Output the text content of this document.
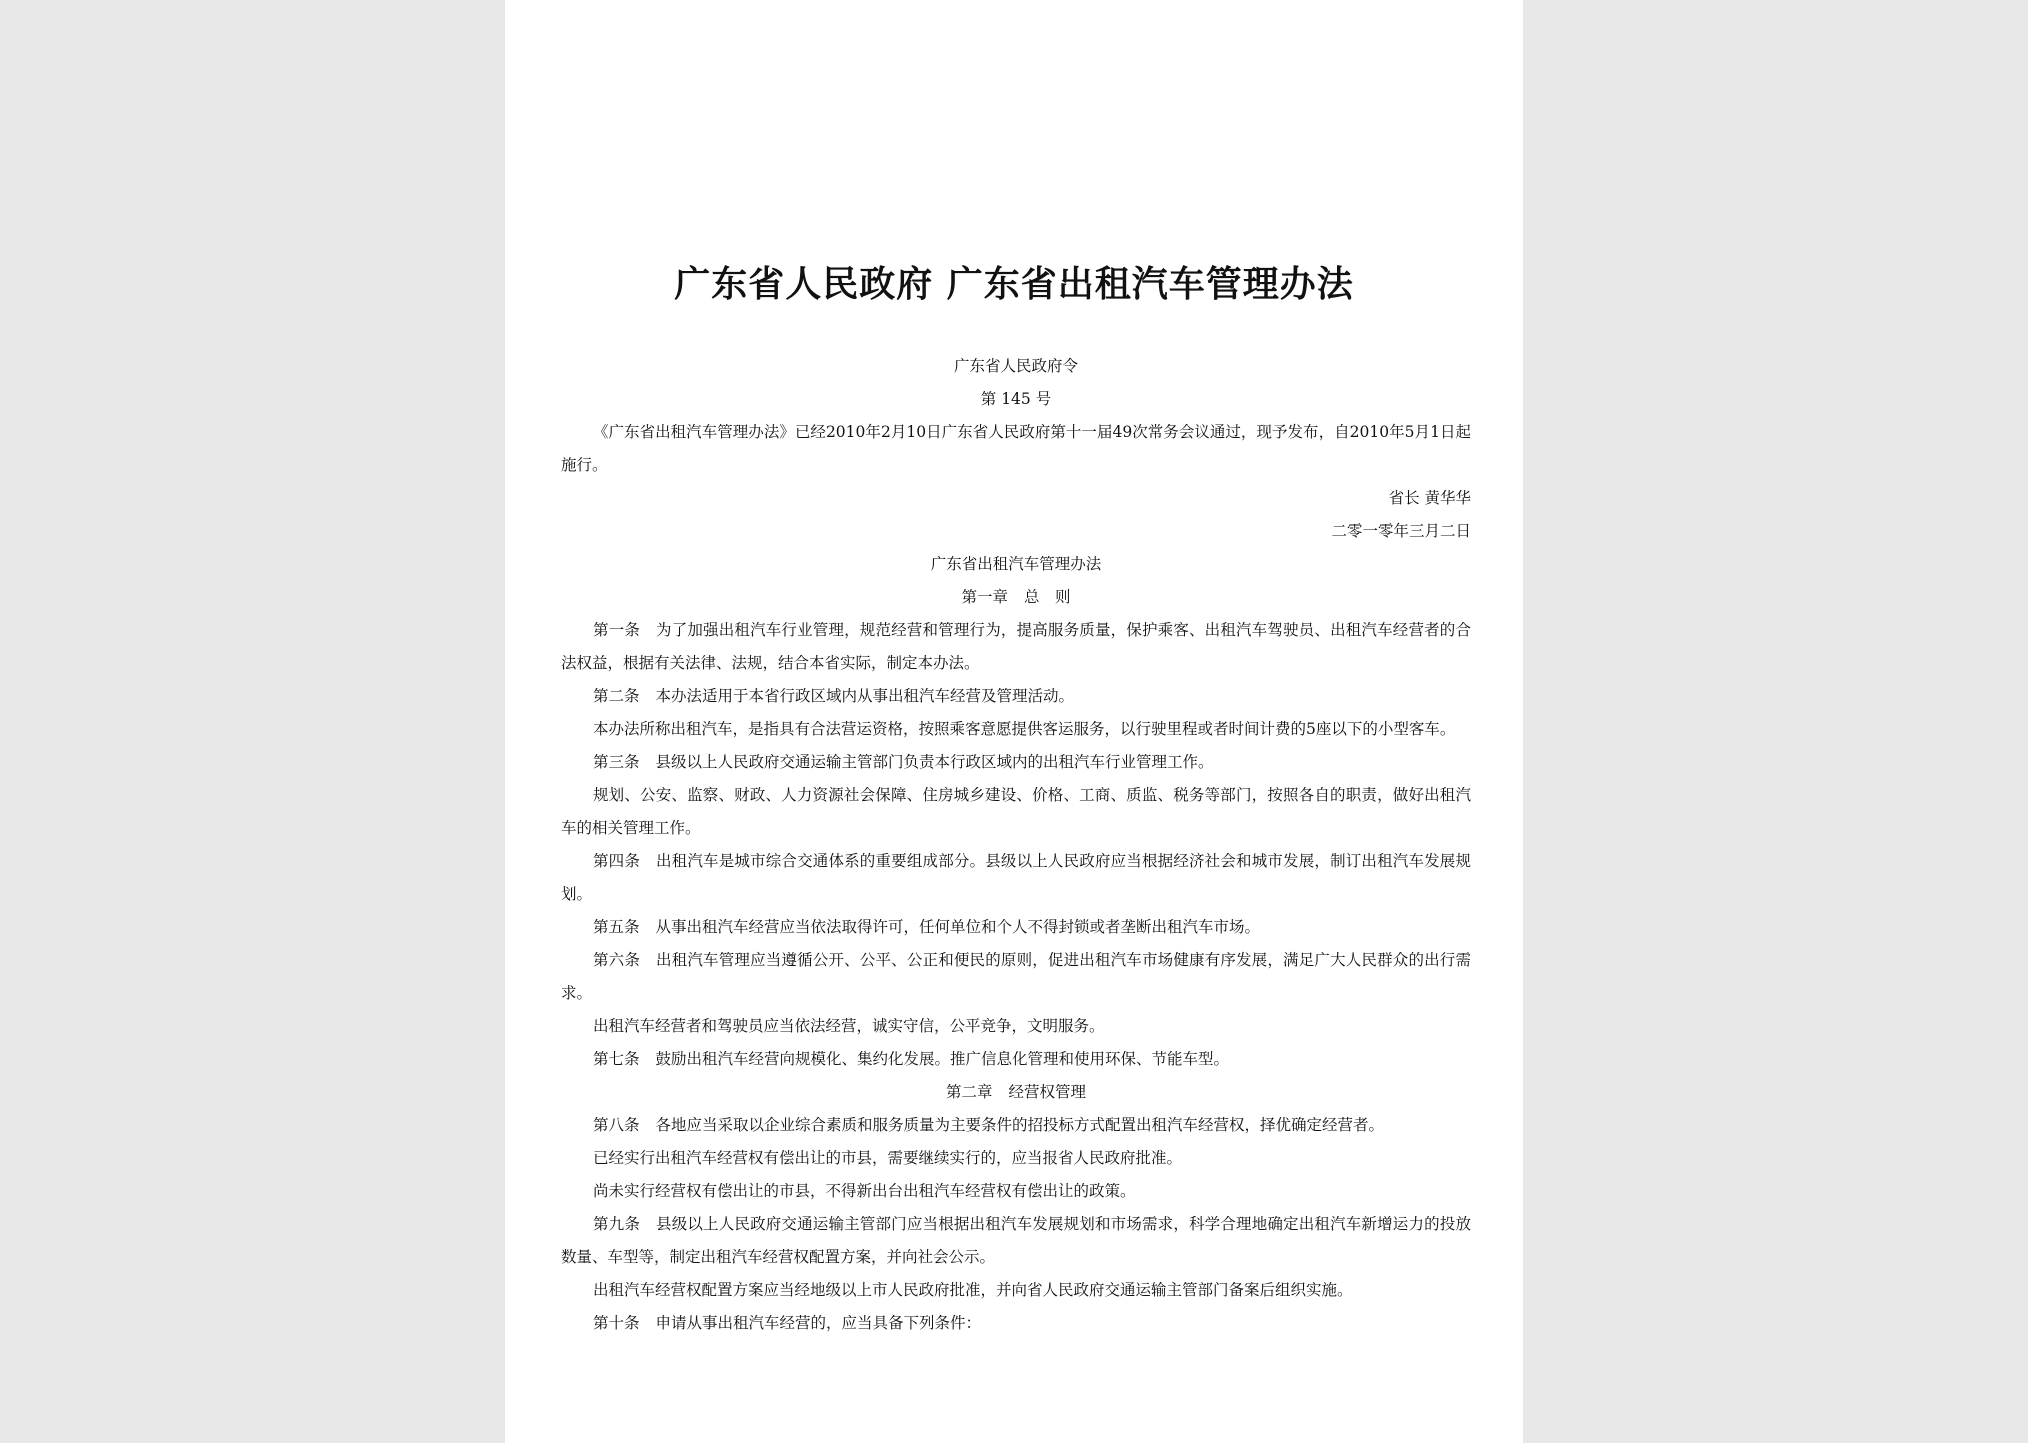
广东省人民政府 广东省出租汽车管理办法

广东省人民政府令

第 145 号

《广东省出租汽车管理办法》已经2010年2月10日广东省人民政府第十一届49次常务会议通过，现予发布，自2010年5月1日起施行。

省长 黄华华

二零一零年三月二日

广东省出租汽车管理办法

第一章 总　则

第一条 为了加强出租汽车行业管理，规范经营和管理行为，提高服务质量，保护乘客、出租汽车驾驶员、出租汽车经营者的合法权益，根据有关法律、法规，结合本省实际，制定本办法。

第二条 本办法适用于本省行政区域内从事出租汽车经营及管理活动。

本办法所称出租汽车，是指具有合法营运资格，按照乘客意愿提供客运服务，以行驶里程或者时间计费的5座以下的小型客车。

第三条 县级以上人民政府交通运输主管部门负责本行政区域内的出租汽车行业管理工作。

规划、公安、监察、财政、人力资源社会保障、住房城乡建设、价格、工商、质监、税务等部门，按照各自的职责，做好出租汽车的相关管理工作。

第四条 出租汽车是城市综合交通体系的重要组成部分。县级以上人民政府应当根据经济社会和城市发展，制订出租汽车发展规划。

第五条 从事出租汽车经营应当依法取得许可，任何单位和个人不得封锁或者垄断出租汽车市场。

第六条 出租汽车管理应当遵循公开、公平、公正和便民的原则，促进出租汽车市场健康有序发展，满足广大人民群众的出行需求。

出租汽车经营者和驾驶员应当依法经营，诚实守信，公平竞争，文明服务。

第七条 鼓励出租汽车经营向规模化、集约化发展。推广信息化管理和使用环保、节能车型。

第二章 经营权管理

第八条 各地应当采取以企业综合素质和服务质量为主要条件的招投标方式配置出租汽车经营权，择优确定经营者。

已经实行出租汽车经营权有偿出让的市县，需要继续实行的，应当报省人民政府批准。

尚未实行经营权有偿出让的市县，不得新出台出租汽车经营权有偿出让的政策。

第九条 县级以上人民政府交通运输主管部门应当根据出租汽车发展规划和市场需求，科学合理地确定出租汽车新增运力的投放数量、车型等，制定出租汽车经营权配置方案，并向社会公示。

出租汽车经营权配置方案应当经地级以上市人民政府批准，并向省人民政府交通运输主管部门备案后组织实施。

第十条 申请从事出租汽车经营的，应当具备下列条件：
